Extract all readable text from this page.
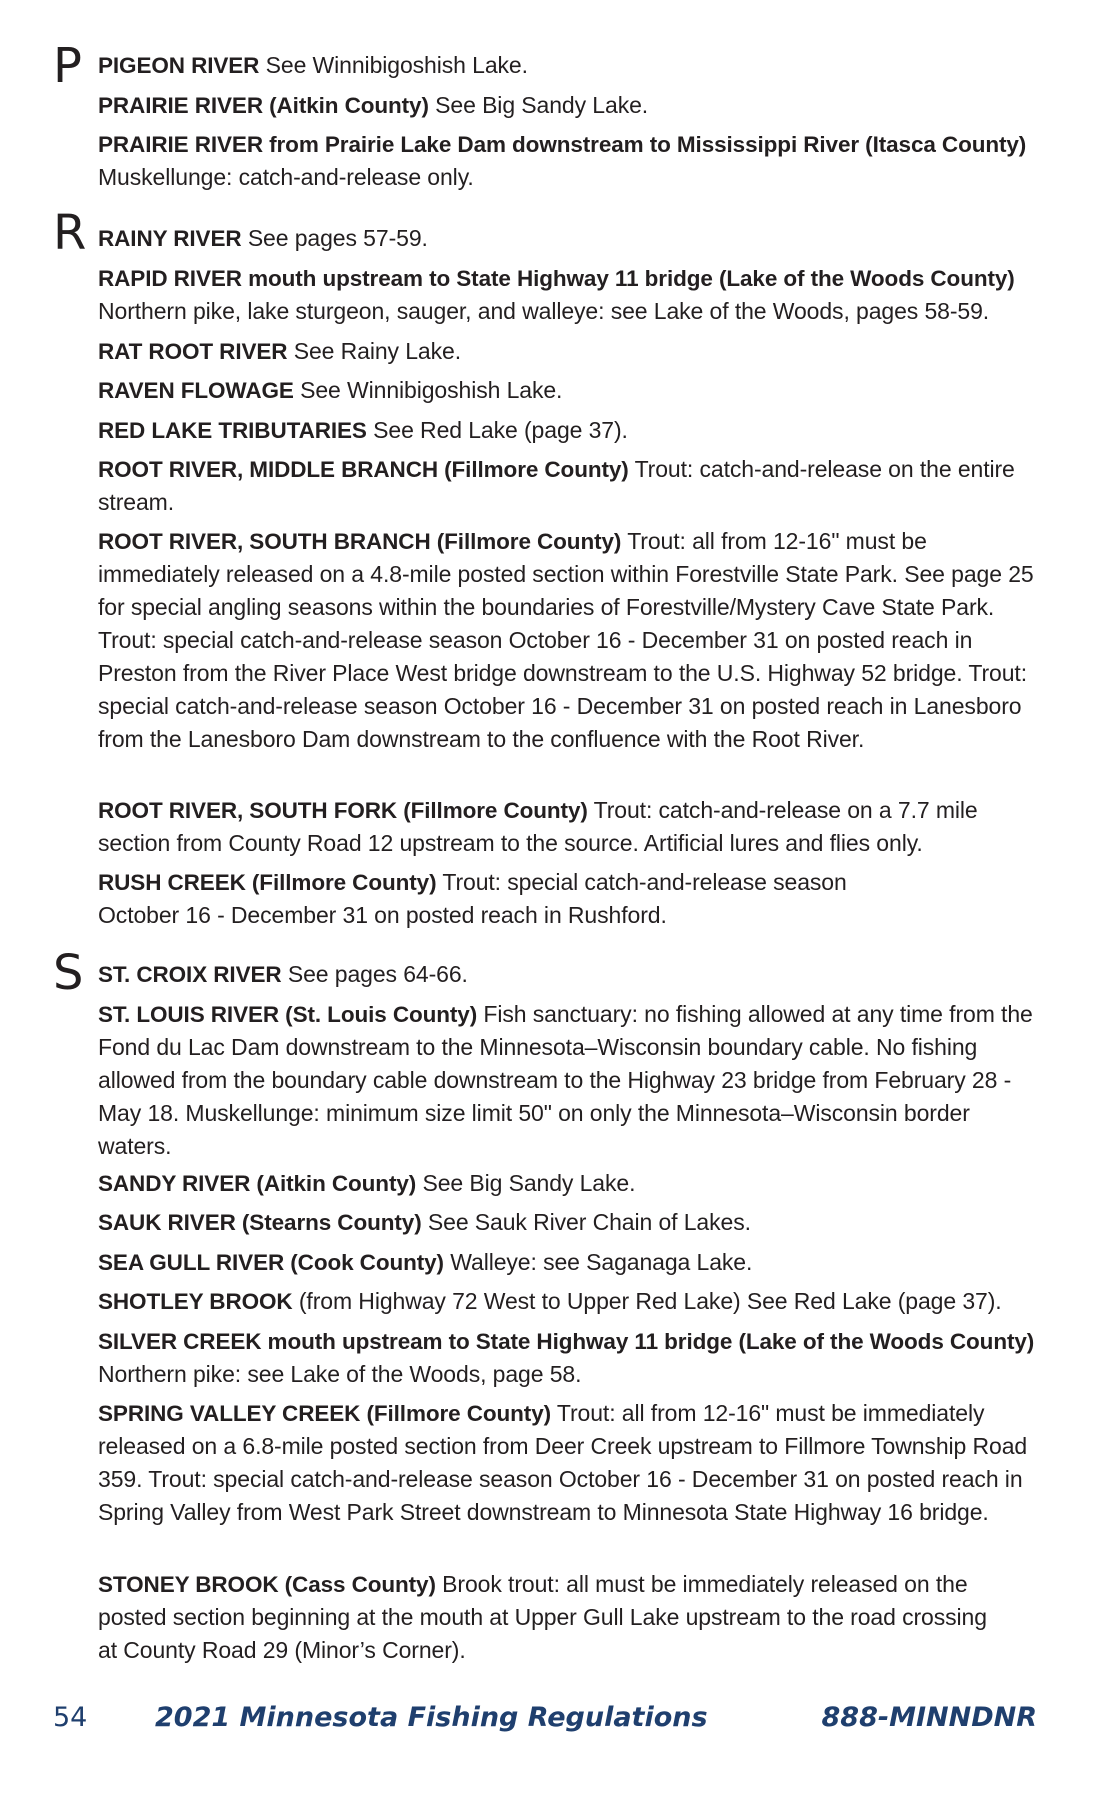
P PIGEON RIVER See Winnibigoshish Lake.
PRAIRIE RIVER (Aitkin County) See Big Sandy Lake.
PRAIRIE RIVER from Prairie Lake Dam downstream to Mississippi River (Itasca County) Muskellunge: catch-and-release only.
R RAINY RIVER See pages 57-59.
RAPID RIVER mouth upstream to State Highway 11 bridge (Lake of the Woods County) Northern pike, lake sturgeon, sauger, and walleye: see Lake of the Woods, pages 58-59.
RAT ROOT RIVER See Rainy Lake.
RAVEN FLOWAGE See Winnibigoshish Lake.
RED LAKE TRIBUTARIES See Red Lake (page 37).
ROOT RIVER, MIDDLE BRANCH (Fillmore County) Trout: catch-and-release on the entire stream.
ROOT RIVER, SOUTH BRANCH (Fillmore County) Trout: all from 12-16" must be immediately released on a 4.8-mile posted section within Forestville State Park. See page 25 for special angling seasons within the boundaries of Forestville/Mystery Cave State Park. Trout: special catch-and-release season October 16 - December 31 on posted reach in Preston from the River Place West bridge downstream to the U.S. Highway 52 bridge. Trout: special catch-and-release season October 16 - December 31 on posted reach in Lanesboro from the Lanesboro Dam downstream to the confluence with the Root River.
ROOT RIVER, SOUTH FORK (Fillmore County) Trout: catch-and-release on a 7.7 mile section from County Road 12 upstream to the source. Artificial lures and flies only.
RUSH CREEK (Fillmore County) Trout: special catch-and-release season October 16 - December 31 on posted reach in Rushford.
S ST. CROIX RIVER See pages 64-66.
ST. LOUIS RIVER (St. Louis County) Fish sanctuary: no fishing allowed at any time from the Fond du Lac Dam downstream to the Minnesota–Wisconsin boundary cable. No fishing allowed from the boundary cable downstream to the Highway 23 bridge from February 28 - May 18. Muskellunge: minimum size limit 50" on only the Minnesota–Wisconsin border waters.
SANDY RIVER (Aitkin County) See Big Sandy Lake.
SAUK RIVER (Stearns County) See Sauk River Chain of Lakes.
SEA GULL RIVER (Cook County) Walleye: see Saganaga Lake.
SHOTLEY BROOK (from Highway 72 West to Upper Red Lake) See Red Lake (page 37).
SILVER CREEK mouth upstream to State Highway 11 bridge (Lake of the Woods County) Northern pike: see Lake of the Woods, page 58.
SPRING VALLEY CREEK (Fillmore County) Trout: all from 12-16" must be immediately released on a 6.8-mile posted section from Deer Creek upstream to Fillmore Township Road 359. Trout: special catch-and-release season October 16 - December 31 on posted reach in Spring Valley from West Park Street downstream to Minnesota State Highway 16 bridge.
STONEY BROOK (Cass County) Brook trout: all must be immediately released on the posted section beginning at the mouth at Upper Gull Lake upstream to the road crossing at County Road 29 (Minor’s Corner).
54	2021 Minnesota Fishing Regulations	888-MINNDNR
